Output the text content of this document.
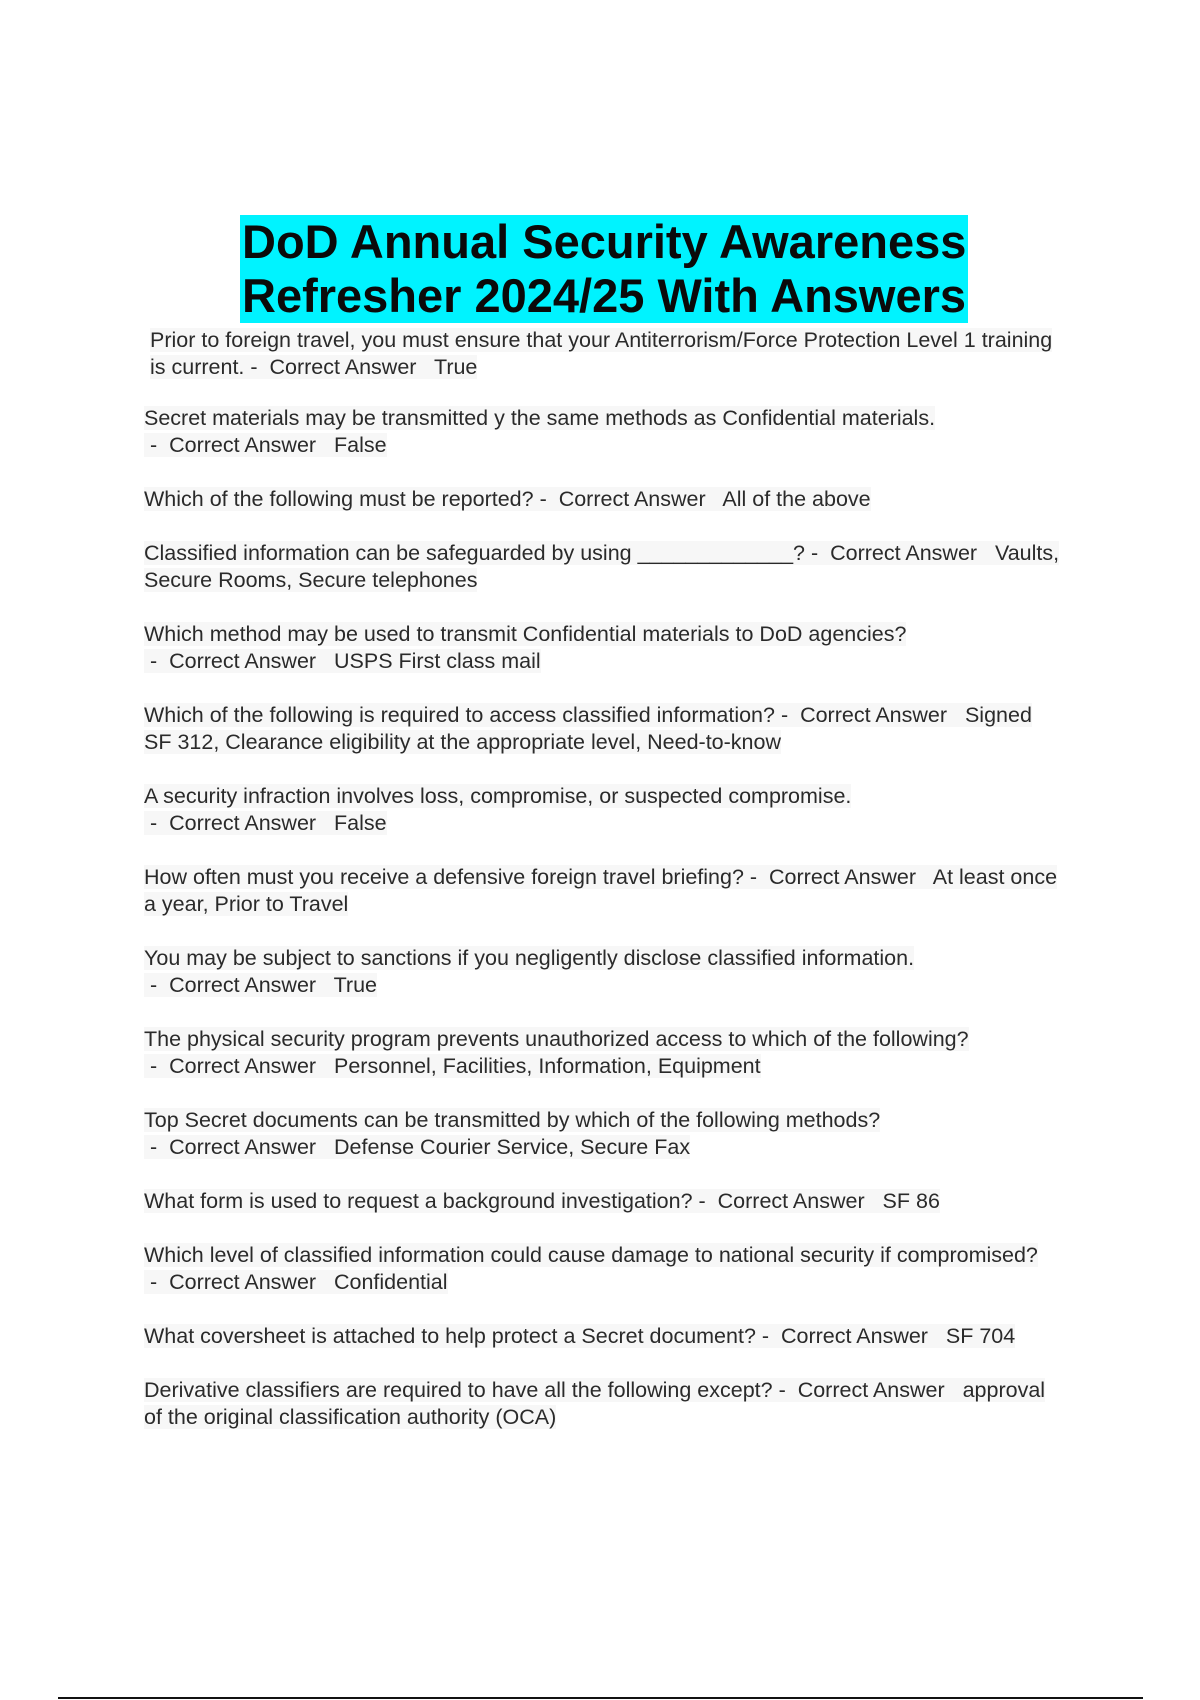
DoD Annual Security Awareness
Refresher 2024/25 With Answers

Prior to foreign travel, you must ensure that your Antiterrorism/Force Protection Level 1 training is current. -  Correct Answer   True

Secret materials may be transmitted y the same methods as Confidential materials. -  Correct Answer   False

Which of the following must be reported? -  Correct Answer   All of the above

Classified information can be safeguarded by using _____________? -  Correct Answer   Vaults, Secure Rooms, Secure telephones

Which method may be used to transmit Confidential materials to DoD agencies? -  Correct Answer   USPS First class mail

Which of the following is required to access classified information? -  Correct Answer   Signed SF 312, Clearance eligibility at the appropriate level, Need-to-know

A security infraction involves loss, compromise, or suspected compromise. -  Correct Answer   False

How often must you receive a defensive foreign travel briefing? -  Correct Answer   At least once a year, Prior to Travel

You may be subject to sanctions if you negligently disclose classified information. -  Correct Answer   True

The physical security program prevents unauthorized access to which of the following? -  Correct Answer   Personnel, Facilities, Information, Equipment

Top Secret documents can be transmitted by which of the following methods? -  Correct Answer   Defense Courier Service, Secure Fax

What form is used to request a background investigation? -  Correct Answer   SF 86

Which level of classified information could cause damage to national security if compromised? -  Correct Answer   Confidential

What coversheet is attached to help protect a Secret document? -  Correct Answer   SF 704

Derivative classifiers are required to have all the following except? -  Correct Answer   approval of the original classification authority (OCA)
